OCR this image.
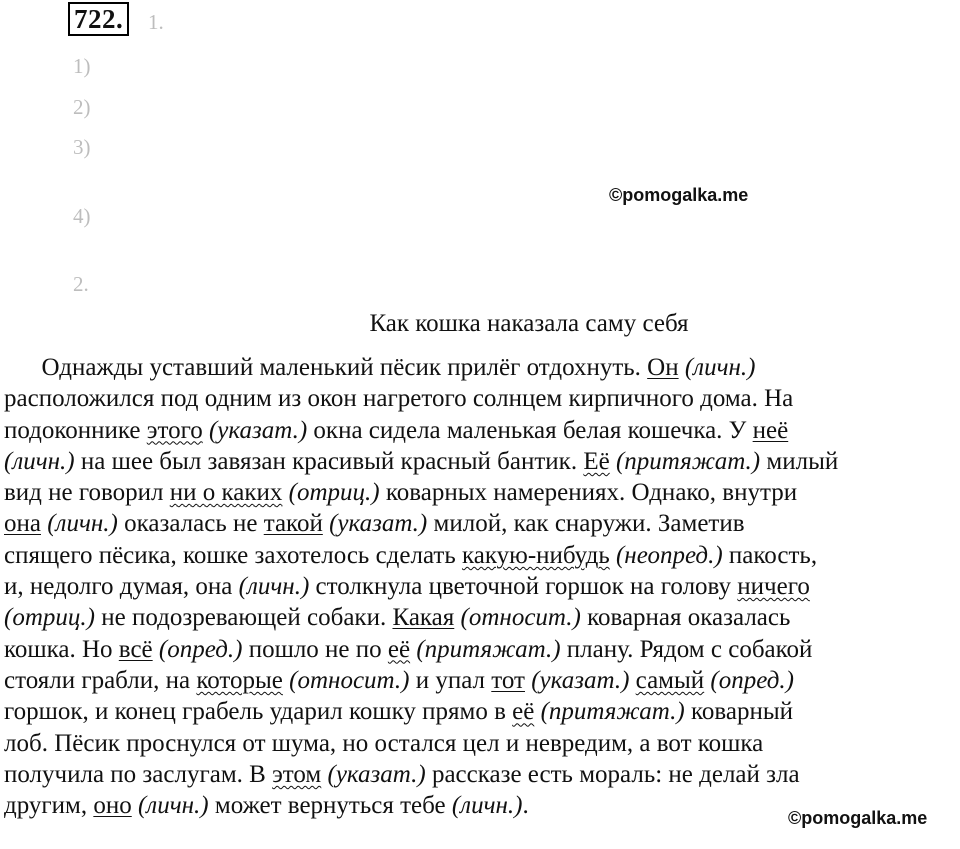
722. 1.
1)
2)
3)
4)
2.
©pomogalka.me
Как кошка наказала саму себя
Однажды уставший маленький пёсик прилёг отдохнуть. Он (личн.)
расположился под одним из окон нагретого солнцем кирпичного дома. На
подоконнике этого (указат.) окна сидела маленькая белая кошечка. У неё
(личн.) на шее был завязан красивый красный бантик. Её (притяжат.) милый
вид не говорил ни о каких (отриц.) коварных намерениях. Однако, внутри
она (личн.) оказалась не такой (указат.) милой, как снаружи. Заметив
спящего пёсика, кошке захотелось сделать какую-нибудь (неопред.) пакость,
и, недолго думая, она (личн.) столкнула цветочной горшок на голову ничего
(отриц.) не подозревающей собаки. Какая (относит.) коварная оказалась
кошка. Но всё (опред.) пошло не по её (притяжат.) плану. Рядом с собакой
стояли грабли, на которые (относит.) и упал тот (указат.) самый (опред.)
горшок, и конец грабель ударил кошку прямо в её (притяжат.) коварный
лоб. Пёсик проснулся от шума, но остался цел и невредим, а вот кошка
получила по заслугам. В этом (указат.) рассказе есть мораль: не делай зла
другим, оно (личн.) может вернуться тебе (личн.).	©pomogalka.me
